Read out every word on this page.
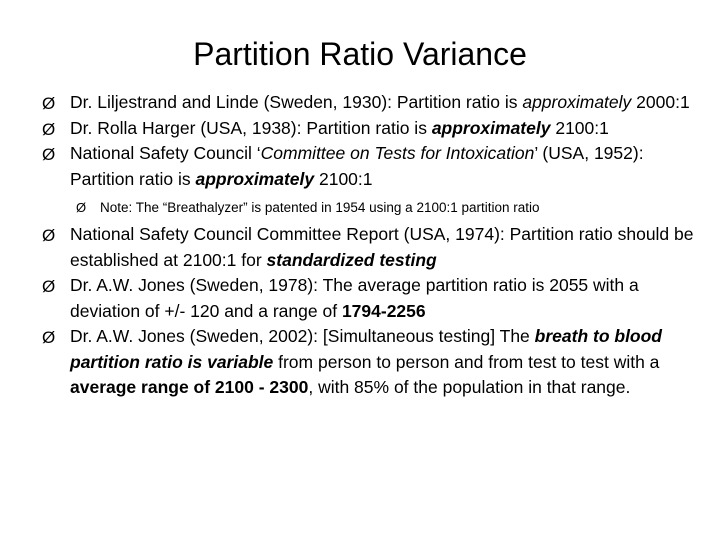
Partition Ratio Variance
Ø Dr. Liljestrand and Linde (Sweden, 1930): Partition ratio is approximately 2000:1
Ø Dr. Rolla Harger (USA, 1938): Partition ratio is approximately 2100:1
Ø National Safety Council ‘Committee on Tests for Intoxication’ (USA, 1952): Partition ratio is approximately 2100:1
Ø Note: The “Breathalyzer” is patented in 1954 using a 2100:1 partition ratio
Ø National Safety Council Committee Report (USA, 1974): Partition ratio should be established at 2100:1 for standardized testing
Ø Dr. A.W. Jones (Sweden, 1978): The average partition ratio is 2055 with a deviation of +/- 120 and a range of 1794-2256
Ø Dr. A.W. Jones (Sweden, 2002): [Simultaneous testing] The breath to blood partition ratio is variable from person to person and from test to test with a average range of 2100 - 2300, with 85% of the population in that range.
